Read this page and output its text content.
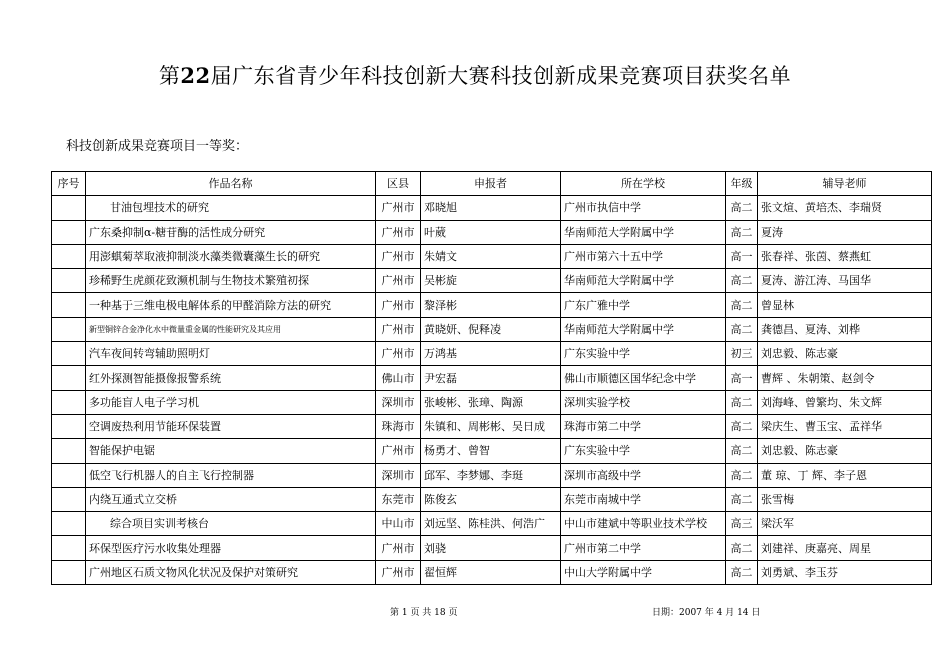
第22届广东省青少年科技创新大赛科技创新成果竞赛项目获奖名单
科技创新成果竞赛项目一等奖：
序号	作品名称	区县	申报者	所在学校	年级	辅导老师
	甘油包埋技术的研究	广州市	邓晓旭	广州市执信中学	高二	张文煊、黄培杰、李瑞贤
	广东桑抑制α-糖苷酶的活性成分研究	广州市	叶葳	华南师范大学附属中学	高二	夏涛
	用澎蜞菊萃取液抑制淡水藻类微囊藻生长的研究	广州市	朱婧文	广州市第六十五中学	高一	张春祥、张茵、蔡燕虹
	珍稀野生虎颜花致濒机制与生物技术繁殖初探	广州市	吴彬旋	华南师范大学附属中学	高二	夏涛、游江涛、马国华
	一种基于三维电极电解体系的甲醛消除方法的研究	广州市	黎泽彬	广东广雅中学	高二	曾显林
	新型铜锌合金净化水中微量重金属的性能研究及其应用	广州市	黄晓妍、倪释凌	华南师范大学附属中学	高二	龚德昌、夏涛、刘桦
	汽车夜间转弯辅助照明灯	广州市	万鸿基	广东实验中学	初三	刘忠毅、陈志豪
	红外探测智能摄像报警系统	佛山市	尹宏磊	佛山市顺德区国华纪念中学	高一	曹辉 、朱朝策、赵剑令
	多功能盲人电子学习机	深圳市	张峻彬、张璋、陶源	深圳实验学校	高二	刘海峰、曾繁均、朱文辉
	空调废热利用节能环保装置	珠海市	朱镇和、周彬彬、吴日成	珠海市第二中学	高二	梁庆生、曹玉宝、孟祥华
	智能保护电锯	广州市	杨勇才、曾智	广东实验中学	高二	刘忠毅、陈志豪
	低空飞行机器人的自主飞行控制器	深圳市	邱军、李梦娜、李珽	深圳市高级中学	高二	董 琼、丁 辉、李子恩
	内绕互通式立交桥	东莞市	陈俊玄	东莞市南城中学	高二	张雪梅
	综合项目实训考核台	中山市	刘远坚、陈桂洪、何浩广	中山市建斌中等职业技术学校	高三	梁沃军
	环保型医疗污水收集处理器	广州市	刘骁	广州市第二中学	高二	刘建祥、庚嘉亮、周星
	广州地区石质文物风化状况及保护对策研究	广州市	翟恒辉	中山大学附属中学	高二	刘勇斌、李玉芬
第 1 页 共 18 页	日期：2007 年 4 月 14 日
